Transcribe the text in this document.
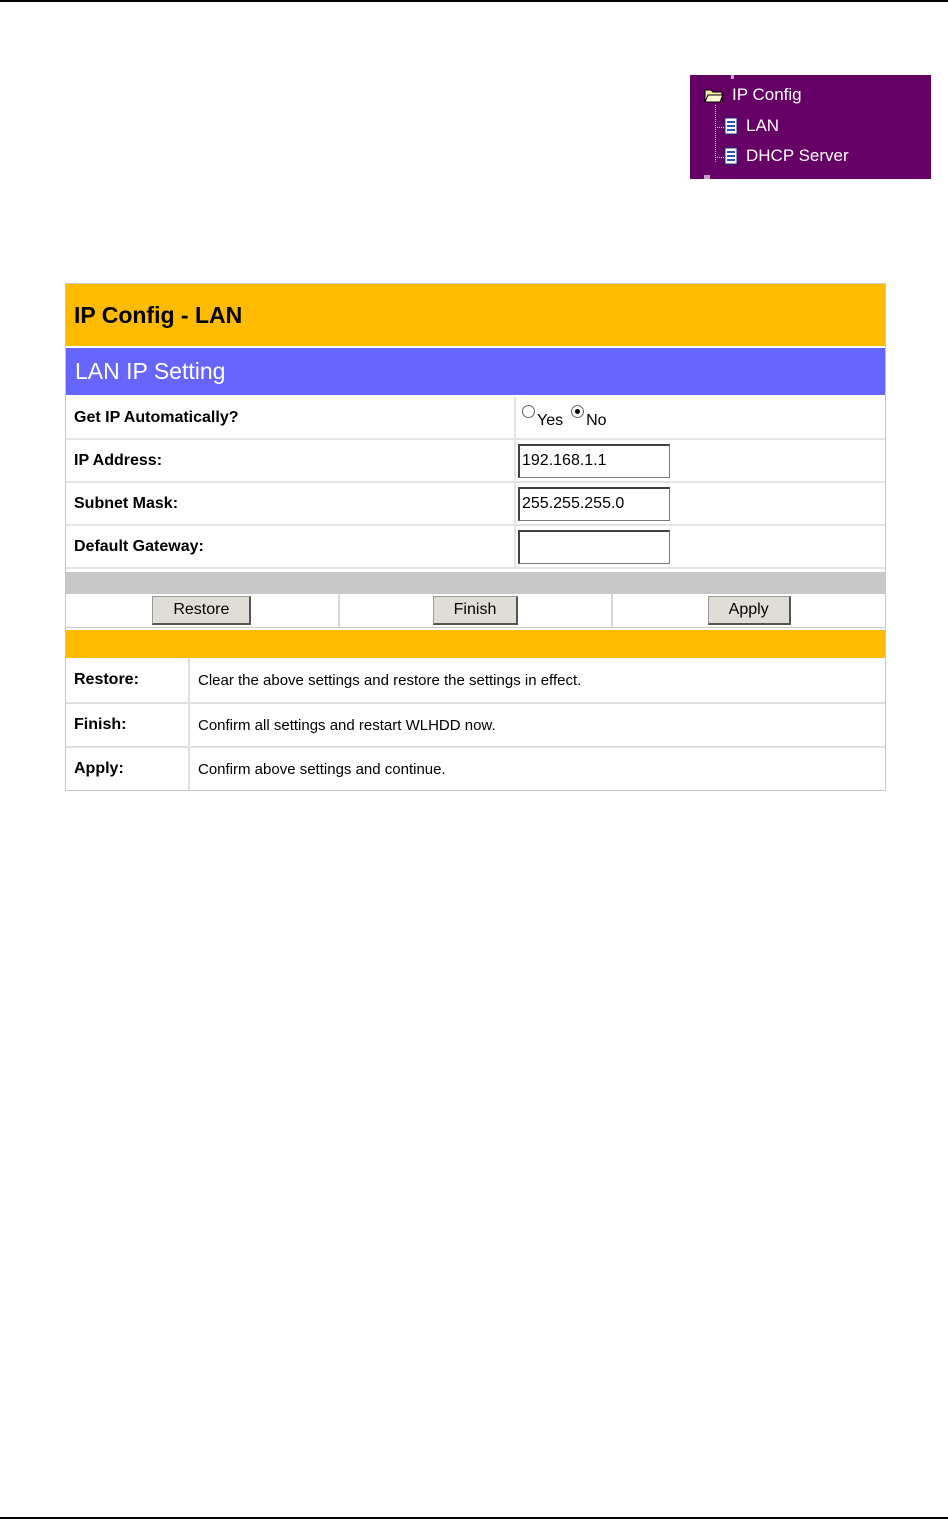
IP Config
LAN
DHCP Server
IP Config - LAN
LAN IP Setting
Get IP Automatically?	Yes No
IP Address:
192.168.1.1
Subnet Mask:
255.255.255.0
Default Gateway:
Restore	Finish	Apply
Restore:	Clear the above settings and restore the settings in effect.
Finish:	Confirm all settings and restart WLHDD now.
Apply:	Confirm above settings and continue.
